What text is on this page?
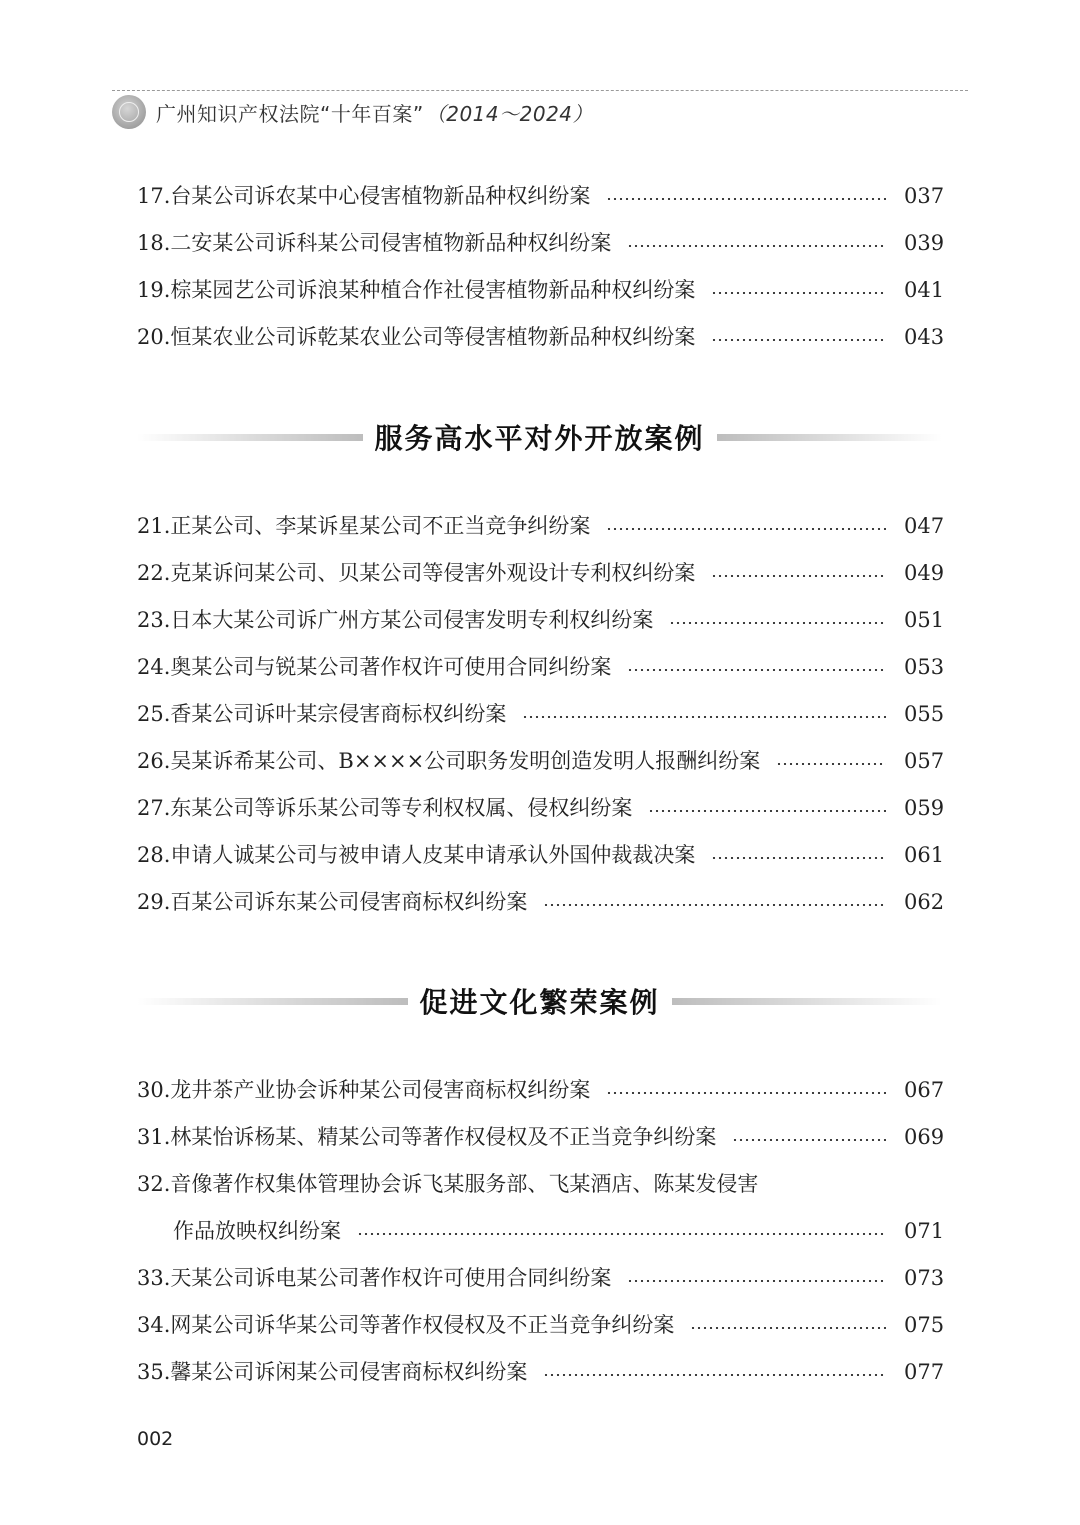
广州知识产权法院“十年百案” （2014～2024）
17. 台某公司诉农某中心侵害植物新品种权纠纷案	037
18. 二安某公司诉科某公司侵害植物新品种权纠纷案	039
19. 棕某园艺公司诉浪某种植合作社侵害植物新品种权纠纷案	041
20. 恒某农业公司诉乾某农业公司等侵害植物新品种权纠纷案	043
服务高水平对外开放案例
21. 正某公司、李某诉星某公司不正当竞争纠纷案	047
22. 克某诉问某公司、贝某公司等侵害外观设计专利权纠纷案	049
23. 日本大某公司诉广州方某公司侵害发明专利权纠纷案	051
24. 奥某公司与锐某公司著作权许可使用合同纠纷案	053
25. 香某公司诉叶某宗侵害商标权纠纷案	055
26. 吴某诉希某公司、B××××公司职务发明创造发明人报酬纠纷案	057
27. 东某公司等诉乐某公司等专利权权属、侵权纠纷案	059
28. 申请人诚某公司与被申请人皮某申请承认外国仲裁裁决案	061
29. 百某公司诉东某公司侵害商标权纠纷案	062
促进文化繁荣案例
30. 龙井茶产业协会诉种某公司侵害商标权纠纷案	067
31. 林某怡诉杨某、精某公司等著作权侵权及不正当竞争纠纷案	069
32. 音像著作权集体管理协会诉飞某服务部、飞某酒店、陈某发侵害
作品放映权纠纷案	071
33. 天某公司诉电某公司著作权许可使用合同纠纷案	073
34. 网某公司诉华某公司等著作权侵权及不正当竞争纠纷案	075
35. 馨某公司诉闲某公司侵害商标权纠纷案	077
002
